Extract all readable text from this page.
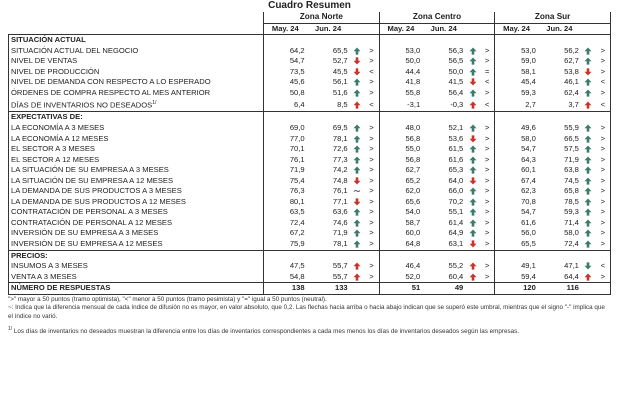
Cuadro Resumen
	Zona Norte				Zona Centro				Zona Sur			
	May. 24	Jun. 24			May. 24	Jun. 24			May. 24	Jun. 24		
SITUACIÓN ACTUAL												
SITUACIÓN ACTUAL DEL NEGOCIO	64,2	65,5		>	53,0	56,3		>	53,0	56,2		>
NIVEL DE VENTAS	54,7	52,7		>	50,0	56,5		>	59,0	62,7		>
NIVEL DE PRODUCCIÓN	73,5	45,5		<	44,4	50,0		=	58,1	53,8		>
NIVEL DE DEMANDA CON RESPECTO A LO ESPERADO	45,6	56,1		>	41,8	41,5		<	45,4	46,1		<
ÓRDENES DE COMPRA RESPECTO AL MES ANTERIOR	50,8	51,6		>	55,8	56,4		>	59,3	62,4		>
DÍAS DE INVENTARIOS NO $DESEADOS^{1/}$	6,4	8,5		<	-3,1	-0,3		<	2,7	3,7		<
EXPECTATIVAS DE:												
LA ECONOMÍA A 3 MESES	69,0	69,5		>	48,0	52,1		>	49,6	55,9		>
LA ECONOMÍA A 12 MESES	77,0	78,1		>	56,8	53,6		>	58,0	66,5		>
EL SECTOR A 3 MESES	70,1	72,6		>	55,0	61,5		>	54,7	57,5		>
EL SECTOR A 12 MESES	76,1	77,3		>	56,8	61,6		>	64,3	71,9		>
LA SITUACIÓN DE SU EMPRESA A 3 MESES	71,9	74,2		>	62,7	65,3		>	60,1	63,8		>
LA SITUACIÓN DE SU EMPRESA A 12 MESES	75,4	74,8		>	65,2	64,0		>	67,4	74,5		>
LA DEMANDA DE SUS PRODUCTOS A 3 MESES	76,3	76,1		>	62,0	66,0		>	62,3	65,8		>
LA DEMANDA DE SUS PRODUCTOS A 12 MESES	80,1	77,1		>	65,6	70,2		>	70,8	78,5		>
CONTRATACIÓN DE PERSONAL A 3 MESES	63,5	63,6		>	54,0	55,1		>	54,7	59,3		>
CONTRATACIÓN DE PERSONAL A 12 MESES	72,4	74,6		>	58,7	61,4		>	61,6	71,4		>
INVERSIÓN DE SU EMPRESA A 3 MESES	67,2	71,9		>	60,0	64,9		>	56,0	58,0		>
INVERSIÓN DE SU EMPRESA A 12 MESES	75,9	78,1		>	64,8	63,1		>	65,5	72,4		>
PRECIOS:												
INSUMOS A 3 MESES	47,5	55,7		>	46,4	55,2		>	49,1	47,1		<
VENTA A 3 MESES	54,8	55,7		>	52,0	60,4		>	59,4	64,4		>
NÚMERO DE RESPUESTAS	138	133			51	49			120	116		

">" mayor a 50 puntos (tramo optimista), "<" menor a 50 puntos (tramo pesimista) y "=" igual a 50 puntos (neutral).

~: Indica que la diferencia mensual de cada índice de difusión no es mayor, en valor absoluto, que 0,2. Las flechas hacia arriba o hacia abajo indican que se superó este umbral, mientras que el signo "-" implica que el índice no varió.

$^{1/}$ Los días de inventarios no deseados muestran la diferencia entre los días de inventarios correspondientes a cada mes menos los días de inventarios deseados según las empresas.
